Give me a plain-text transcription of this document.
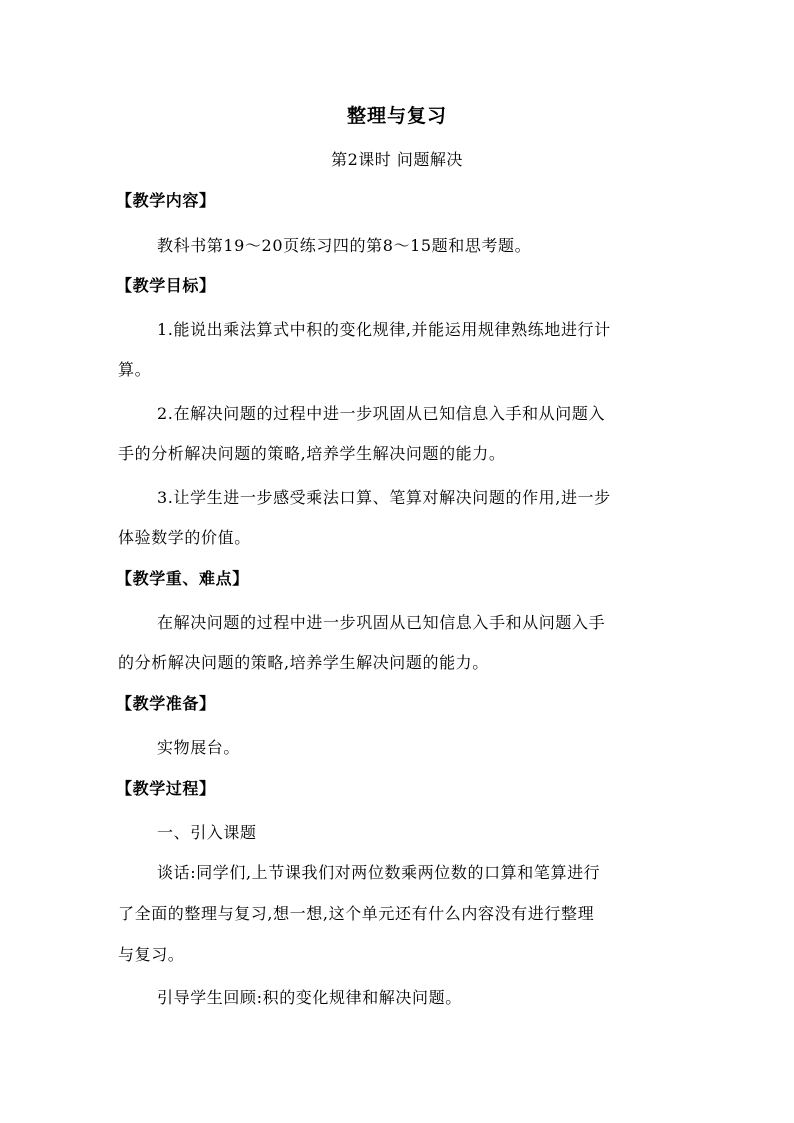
整理与复习
第2课时 问题解决
【教学内容】
教科书第19～20页练习四的第8～15题和思考题。
【教学目标】
1.能说出乘法算式中积的变化规律,并能运用规律熟练地进行计
算。
2.在解决问题的过程中进一步巩固从已知信息入手和从问题入
手的分析解决问题的策略,培养学生解决问题的能力。
3.让学生进一步感受乘法口算、笔算对解决问题的作用,进一步
体验数学的价值。
【教学重、难点】
在解决问题的过程中进一步巩固从已知信息入手和从问题入手
的分析解决问题的策略,培养学生解决问题的能力。
【教学准备】
实物展台。
【教学过程】
一、引入课题
谈话:同学们,上节课我们对两位数乘两位数的口算和笔算进行
了全面的整理与复习,想一想,这个单元还有什么内容没有进行整理
与复习。
引导学生回顾:积的变化规律和解决问题。
